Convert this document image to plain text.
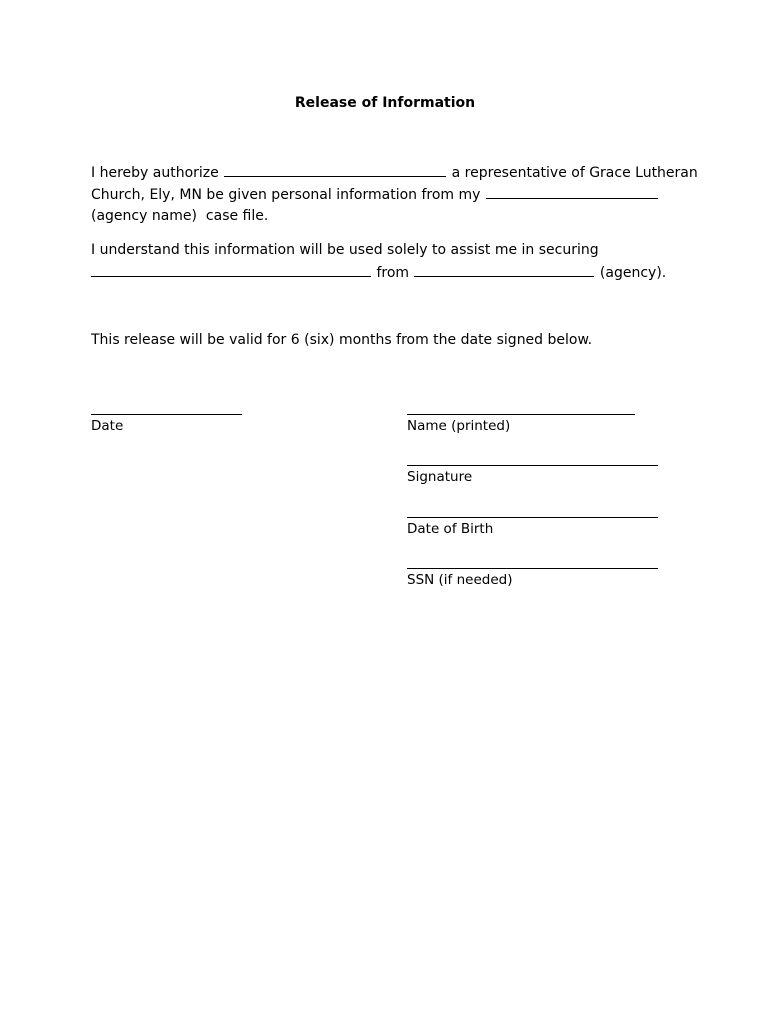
Release of Information
I hereby authorize	a representative of Grace Lutheran
Church, Ely, MN be given personal information from my
(agency name)  case file.
I understand this information will be used solely to assist me in securing
from	(agency).
This release will be valid for 6 (six) months from the date signed below.
Date	Name (printed)
Signature
Date of Birth
SSN (if needed)
